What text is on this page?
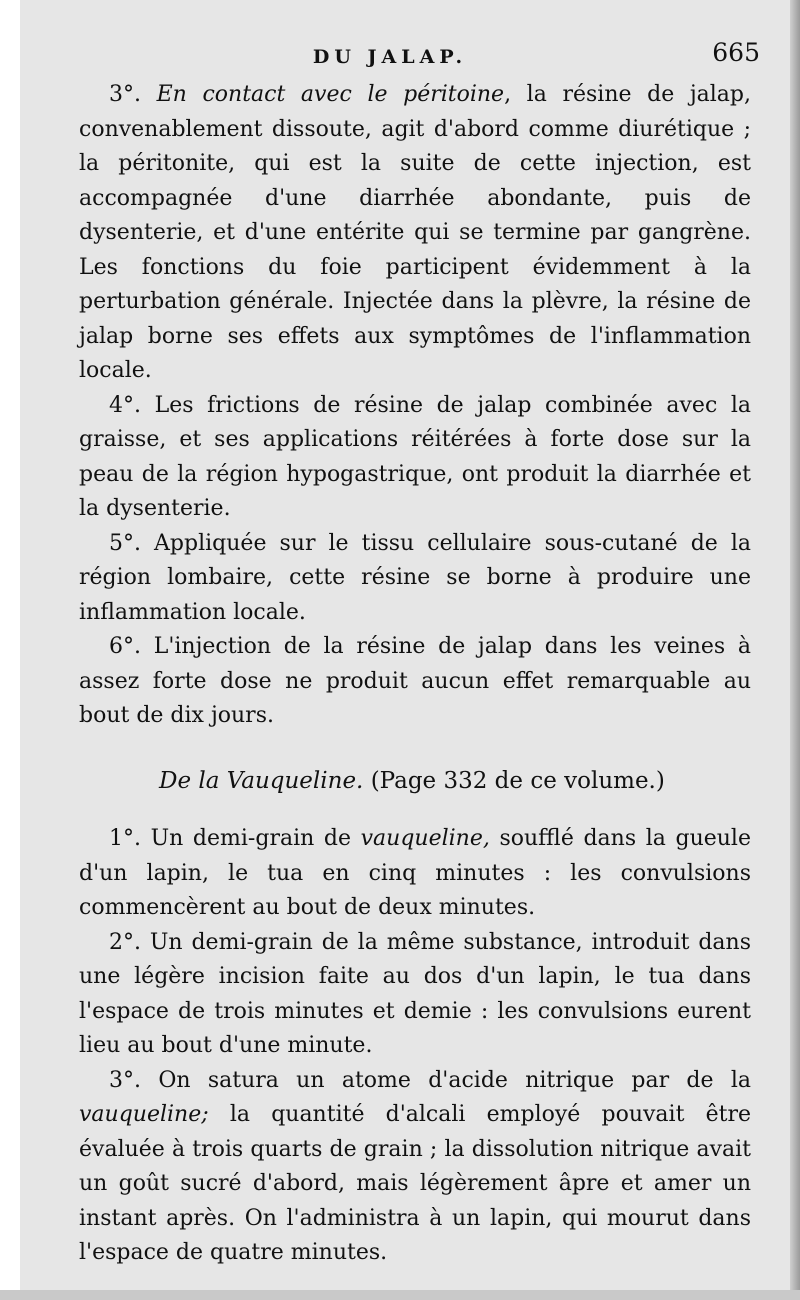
DU JALAP.	665

3°. En contact avec le péritoine, la résine de jalap, convenablement dissoute, agit d'abord comme diurétique ; la péritonite, qui est la suite de cette injection, est accompagnée d'une diarrhée abondante, puis de dysenterie, et d'une entérite qui se termine par gangrène. Les fonctions du foie participent évidemment à la perturbation générale. Injectée dans la plèvre, la résine de jalap borne ses effets aux symptômes de l'inflammation locale.

4°. Les frictions de résine de jalap combinée avec la graisse, et ses applications réitérées à forte dose sur la peau de la région hypogastrique, ont produit la diarrhée et la dysenterie.

5°. Appliquée sur le tissu cellulaire sous-cutané de la région lombaire, cette résine se borne à produire une inflammation locale.

6°. L'injection de la résine de jalap dans les veines à assez forte dose ne produit aucun effet remarquable au bout de dix jours.

De la Vauqueline. (Page 332 de ce volume.)

1°. Un demi-grain de vauqueline, soufflé dans la gueule d'un lapin, le tua en cinq minutes : les convulsions commencèrent au bout de deux minutes.

2°. Un demi-grain de la même substance, introduit dans une légère incision faite au dos d'un lapin, le tua dans l'espace de trois minutes et demie : les convulsions eurent lieu au bout d'une minute.

3°. On satura un atome d'acide nitrique par de la vauqueline; la quantité d'alcali employé pouvait être évaluée à trois quarts de grain ; la dissolution nitrique avait un goût sucré d'abord, mais légèrement âpre et amer un instant après. On l'administra à un lapin, qui mourut dans l'espace de quatre minutes.
